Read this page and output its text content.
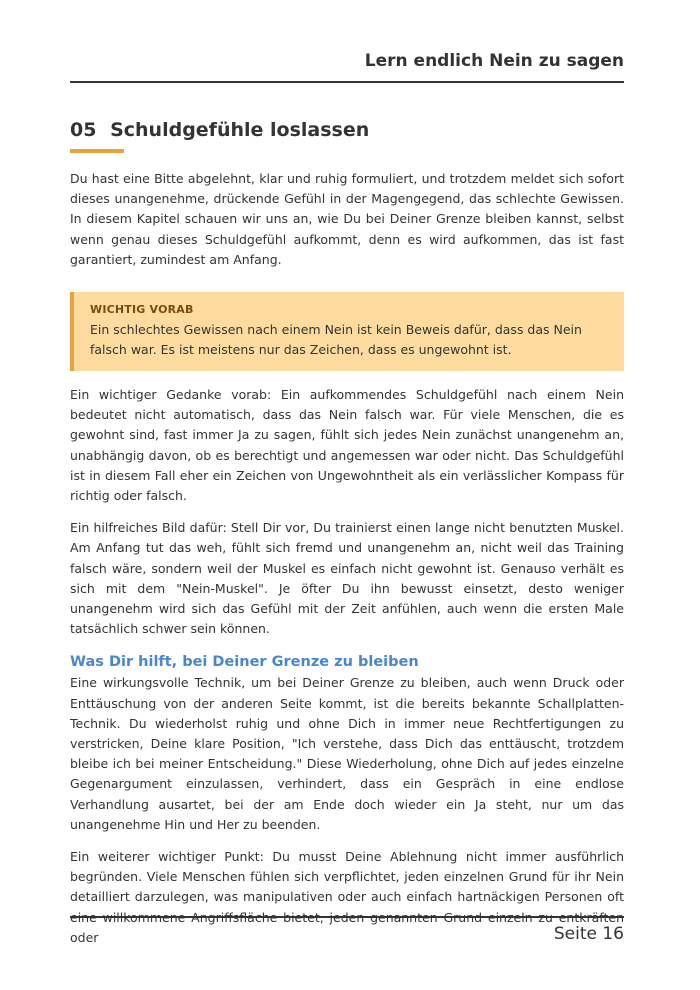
Lern endlich Nein zu sagen
05 Schuldgefühle loslassen

Du hast eine Bitte abgelehnt, klar und ruhig formuliert, und trotzdem meldet sich sofort dieses unangenehme, drückende Gefühl in der Magengegend, das schlechte Gewissen. In diesem Kapitel schauen wir uns an, wie Du bei Deiner Grenze bleiben kannst, selbst wenn genau dieses Schuldgefühl aufkommt, denn es wird aufkommen, das ist fast garantiert, zumindest am Anfang.

WICHTIG VORAB
Ein schlechtes Gewissen nach einem Nein ist kein Beweis dafür, dass das Nein falsch war. Es ist meistens nur das Zeichen, dass es ungewohnt ist.

Ein wichtiger Gedanke vorab: Ein aufkommendes Schuldgefühl nach einem Nein bedeutet nicht automatisch, dass das Nein falsch war. Für viele Menschen, die es gewohnt sind, fast immer Ja zu sagen, fühlt sich jedes Nein zunächst unangenehm an, unabhängig davon, ob es berechtigt und angemessen war oder nicht. Das Schuldgefühl ist in diesem Fall eher ein Zeichen von Ungewohntheit als ein verlässlicher Kompass für richtig oder falsch.

Ein hilfreiches Bild dafür: Stell Dir vor, Du trainierst einen lange nicht benutzten Muskel. Am Anfang tut das weh, fühlt sich fremd und unangenehm an, nicht weil das Training falsch wäre, sondern weil der Muskel es einfach nicht gewohnt ist. Genauso verhält es sich mit dem "Nein-Muskel". Je öfter Du ihn bewusst einsetzt, desto weniger unangenehm wird sich das Gefühl mit der Zeit anfühlen, auch wenn die ersten Male tatsächlich schwer sein können.

Was Dir hilft, bei Deiner Grenze zu bleiben

Eine wirkungsvolle Technik, um bei Deiner Grenze zu bleiben, auch wenn Druck oder Enttäuschung von der anderen Seite kommt, ist die bereits bekannte Schallplatten-Technik. Du wiederholst ruhig und ohne Dich in immer neue Rechtfertigungen zu verstricken, Deine klare Position, "Ich verstehe, dass Dich das enttäuscht, trotzdem bleibe ich bei meiner Entscheidung." Diese Wiederholung, ohne Dich auf jedes einzelne Gegenargument einzulassen, verhindert, dass ein Gespräch in eine endlose Verhandlung ausartet, bei der am Ende doch wieder ein Ja steht, nur um das unangenehme Hin und Her zu beenden.

Ein weiterer wichtiger Punkt: Du musst Deine Ablehnung nicht immer ausführlich begründen. Viele Menschen fühlen sich verpflichtet, jeden einzelnen Grund für ihr Nein detailliert darzulegen, was manipulativen oder auch einfach hartnäckigen Personen oft oder	Seite 16
